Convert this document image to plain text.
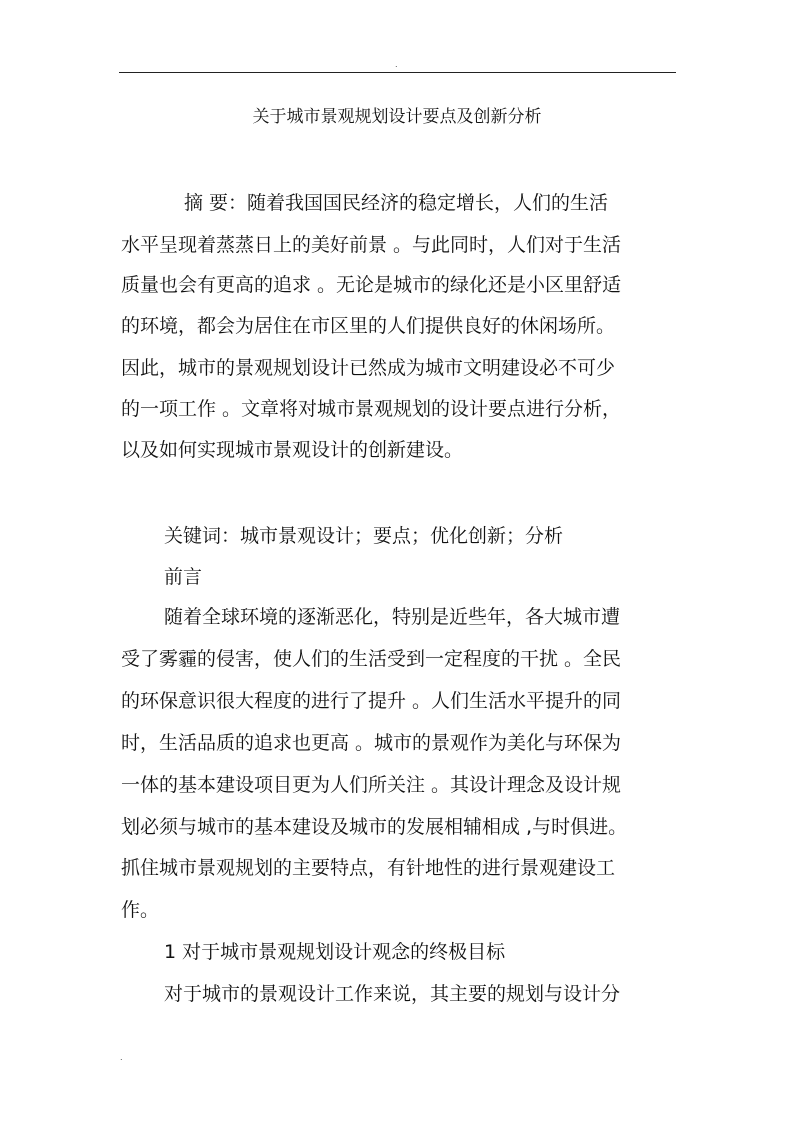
.
关于城市景观规划设计要点及创新分析
摘 要：随着我国国民经济的稳定增长，人们的生活
水平呈现着蒸蒸日上的美好前景 。与此同时，人们对于生活
质量也会有更高的追求 。无论是城市的绿化还是小区里舒适
的环境，都会为居住在市区里的人们提供良好的休闲场所。
因此，城市的景观规划设计已然成为城市文明建设必不可少
的一项工作 。文章将对城市景观规划的设计要点进行分析，
以及如何实现城市景观设计的创新建设。
关键词：城市景观设计；要点；优化创新；分析
前言
随着全球环境的逐渐恶化，特别是近些年，各大城市遭
受了雾霾的侵害，使人们的生活受到一定程度的干扰 。全民
的环保意识很大程度的进行了提升 。人们生活水平提升的同
时，生活品质的追求也更高 。城市的景观作为美化与环保为
一体的基本建设项目更为人们所关注 。其设计理念及设计规
划必须与城市的基本建设及城市的发展相辅相成 ,与时俱进。
抓住城市景观规划的主要特点，有针地性的进行景观建设工
作。
1 对于城市景观规划设计观念的终极目标
对于城市的景观设计工作来说，其主要的规划与设计分
.
